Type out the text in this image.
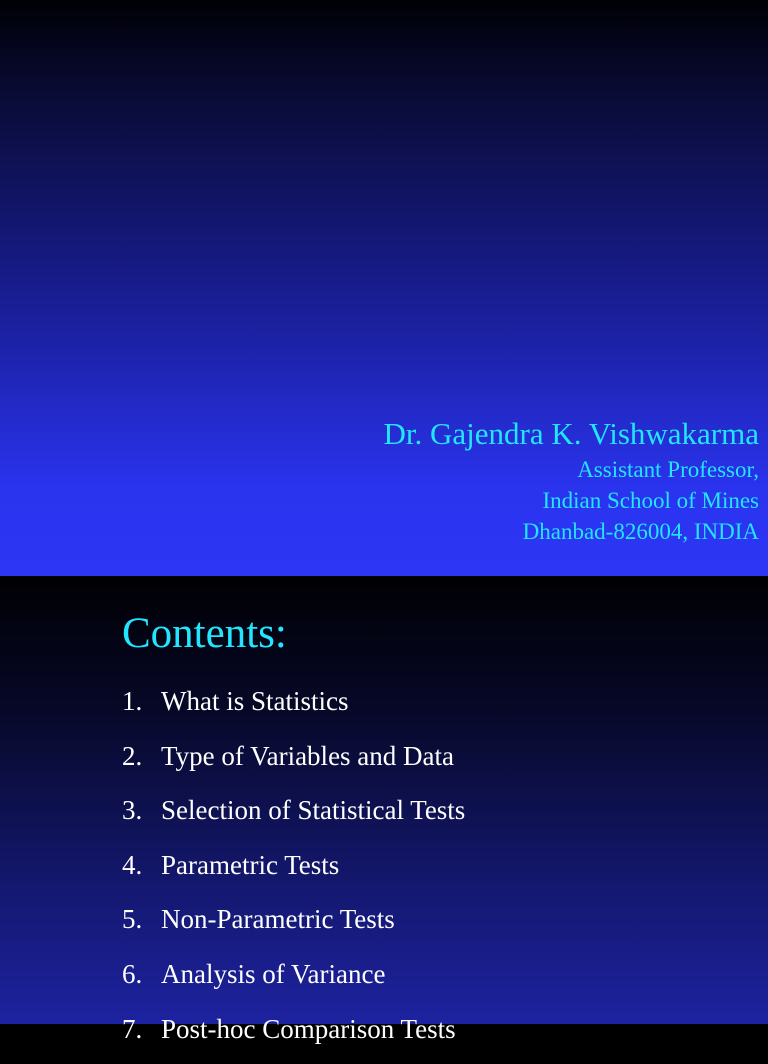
Dr. Gajendra K. Vishwakarma

Assistant Professor,

Indian School of Mines

Dhanbad-826004, INDIA

Contents:
1. What is Statistics
2. Type of Variables and Data
3. Selection of Statistical Tests
4. Parametric Tests
5. Non-Parametric Tests
6. Analysis of Variance
7. Post-hoc Comparison Tests
